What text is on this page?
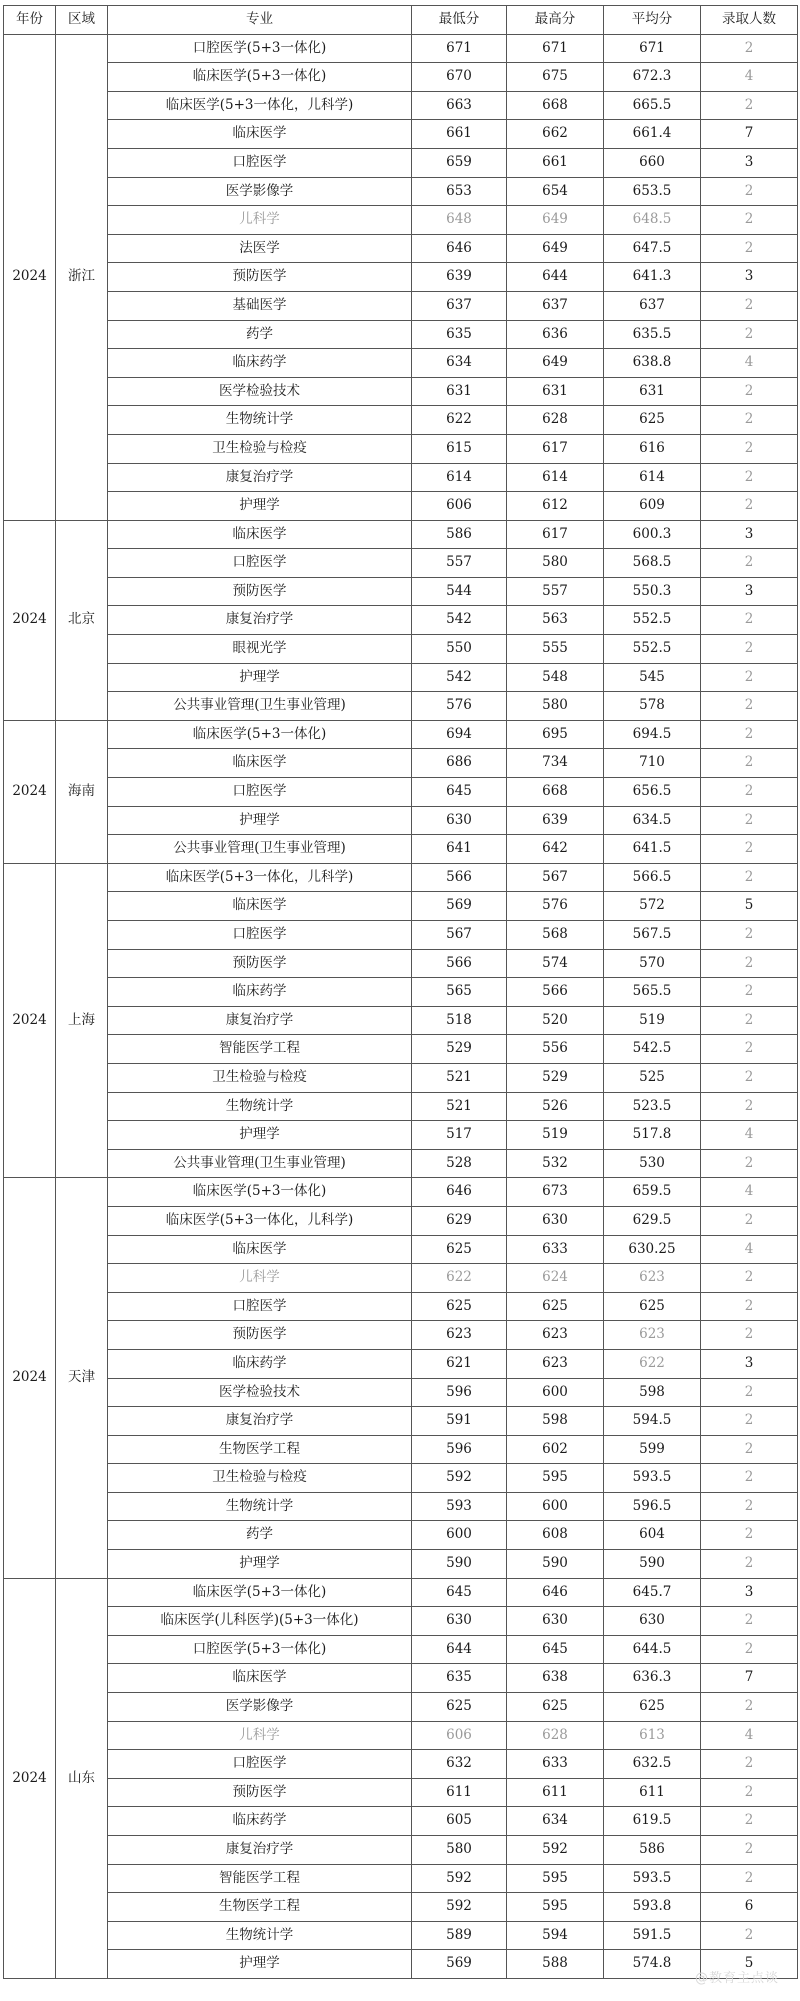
年份	区域	专业	最低分	最高分	平均分	录取人数
2024	浙江	口腔医学(5+3一体化)	671	671	671	2
		临床医学(5+3一体化)	670	675	672.3	4
		临床医学(5+3一体化，儿科学)	663	668	665.5	2
		临床医学	661	662	661.4	7
		口腔医学	659	661	660	3
		医学影像学	653	654	653.5	2
		儿科学	648	649	648.5	2
		法医学	646	649	647.5	2
		预防医学	639	644	641.3	3
		基础医学	637	637	637	2
		药学	635	636	635.5	2
		临床药学	634	649	638.8	4
		医学检验技术	631	631	631	2
		生物统计学	622	628	625	2
		卫生检验与检疫	615	617	616	2
		康复治疗学	614	614	614	2
		护理学	606	612	609	2
2024	北京	临床医学	586	617	600.3	3
		口腔医学	557	580	568.5	2
		预防医学	544	557	550.3	3
		康复治疗学	542	563	552.5	2
		眼视光学	550	555	552.5	2
		护理学	542	548	545	2
		公共事业管理(卫生事业管理)	576	580	578	2
2024	海南	临床医学(5+3一体化)	694	695	694.5	2
		临床医学	686	734	710	2
		口腔医学	645	668	656.5	2
		护理学	630	639	634.5	2
		公共事业管理(卫生事业管理)	641	642	641.5	2
2024	上海	临床医学(5+3一体化，儿科学)	566	567	566.5	2
		临床医学	569	576	572	5
		口腔医学	567	568	567.5	2
		预防医学	566	574	570	2
		临床药学	565	566	565.5	2
		康复治疗学	518	520	519	2
		智能医学工程	529	556	542.5	2
		卫生检验与检疫	521	529	525	2
		生物统计学	521	526	523.5	2
		护理学	517	519	517.8	4
		公共事业管理(卫生事业管理)	528	532	530	2
2024	天津	临床医学(5+3一体化)	646	673	659.5	4
		临床医学(5+3一体化，儿科学)	629	630	629.5	2
		临床医学	625	633	630.25	4
		儿科学	622	624	623	2
		口腔医学	625	625	625	2
		预防医学	623	623	623	2
		临床药学	621	623	622	3
		医学检验技术	596	600	598	2
		康复治疗学	591	598	594.5	2
		生物医学工程	596	602	599	2
		卫生检验与检疫	592	595	593.5	2
		生物统计学	593	600	596.5	2
		药学	600	608	604	2
		护理学	590	590	590	2
2024	山东	临床医学(5+3一体化)	645	646	645.7	3
		临床医学(儿科医学)(5+3一体化)	630	630	630	2
		口腔医学(5+3一体化)	644	645	644.5	2
		临床医学	635	638	636.3	7
		医学影像学	625	625	625	2
		儿科学	606	628	613	4
		口腔医学	632	633	632.5	2
		预防医学	611	611	611	2
		临床药学	605	634	619.5	2
		康复治疗学	580	592	586	2
		智能医学工程	592	595	593.5	2
		生物医学工程	592	595	593.8	6
		生物统计学	589	594	591.5	2
		护理学	569	588	574.8	5
@教育主点谈
